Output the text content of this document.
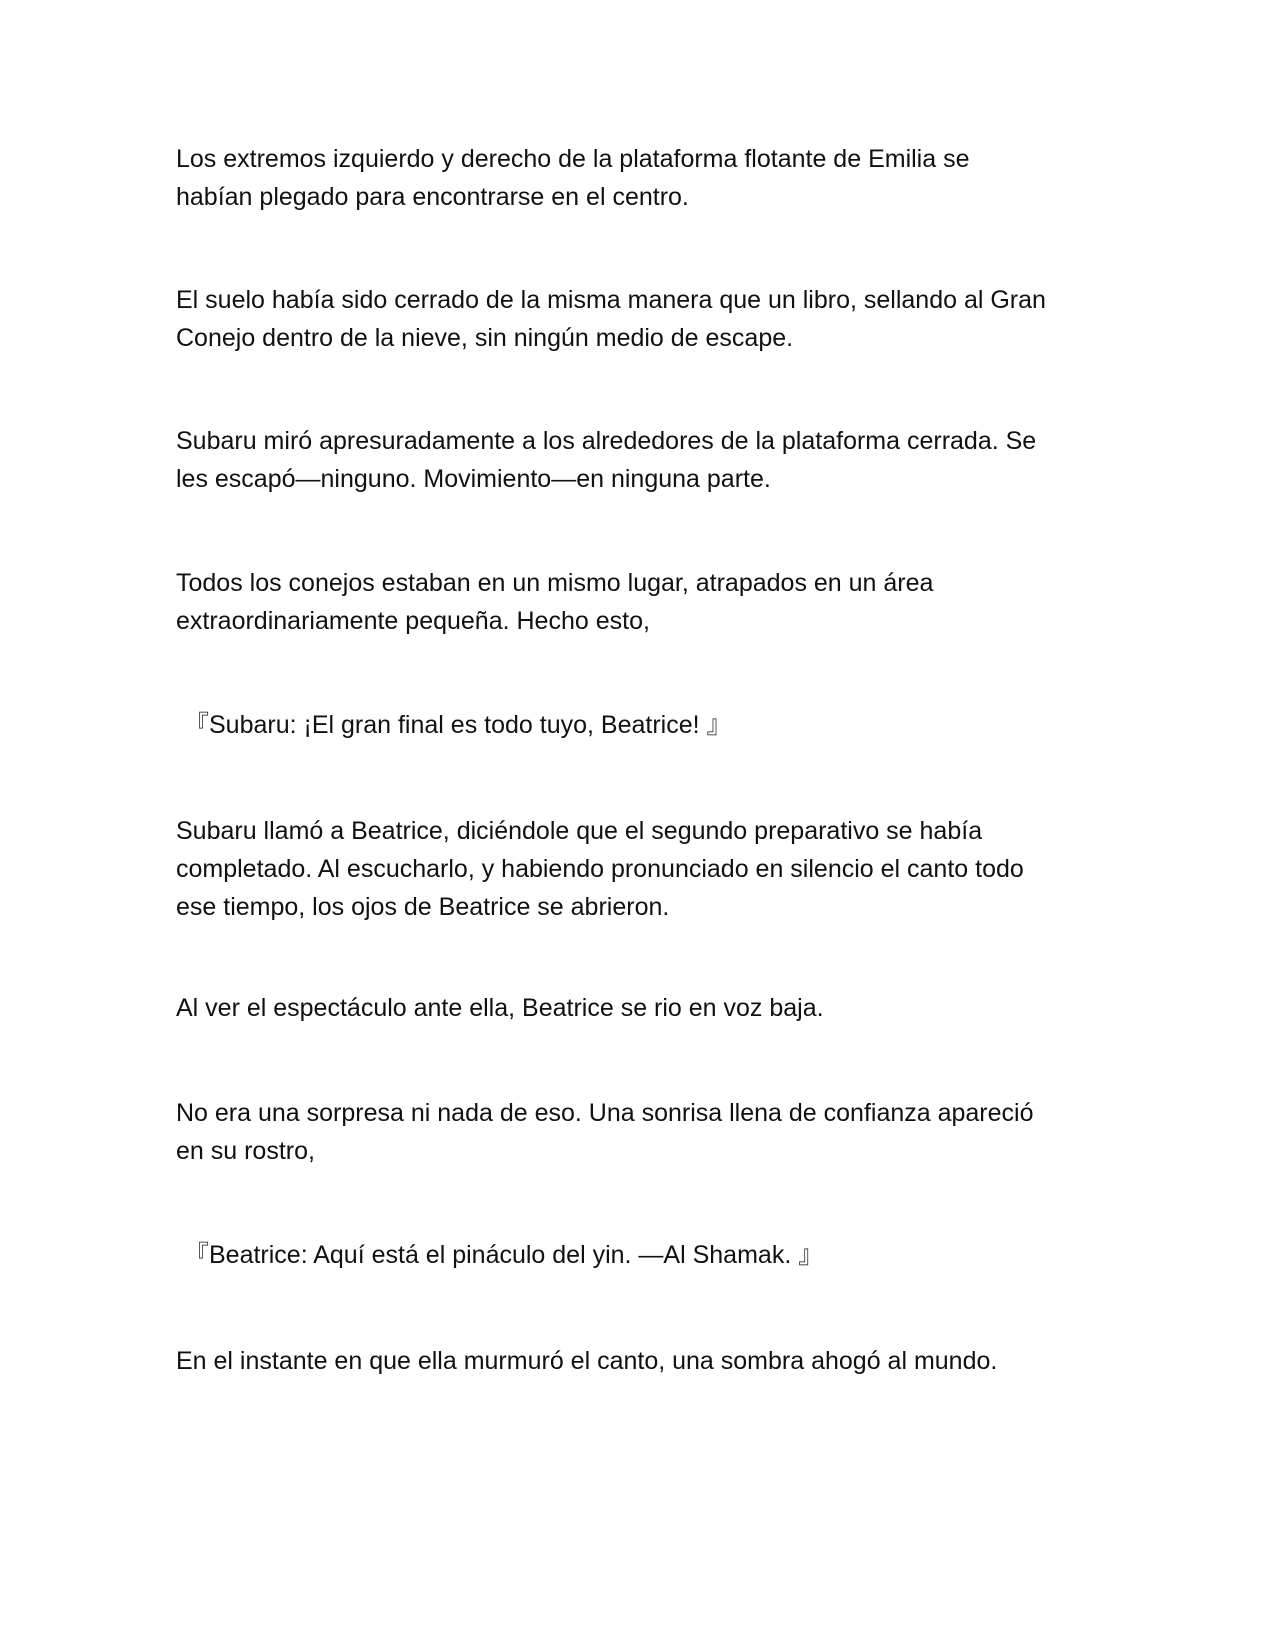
Los extremos izquierdo y derecho de la plataforma flotante de Emilia se
habían plegado para encontrarse en el centro.

El suelo había sido cerrado de la misma manera que un libro, sellando al Gran
Conejo dentro de la nieve, sin ningún medio de escape.

Subaru miró apresuradamente a los alrededores de la plataforma cerrada. Se
les escapó—ninguno. Movimiento—en ninguna parte.

Todos los conejos estaban en un mismo lugar, atrapados en un área
extraordinariamente pequeña. Hecho esto,

『Subaru: ¡El gran final es todo tuyo, Beatrice! 』

Subaru llamó a Beatrice, diciéndole que el segundo preparativo se había
completado. Al escucharlo, y habiendo pronunciado en silencio el canto todo
ese tiempo, los ojos de Beatrice se abrieron.

Al ver el espectáculo ante ella, Beatrice se rio en voz baja.

No era una sorpresa ni nada de eso. Una sonrisa llena de confianza apareció
en su rostro,

『Beatrice: Aquí está el pináculo del yin. —Al Shamak. 』

En el instante en que ella murmuró el canto, una sombra ahogó al mundo.
